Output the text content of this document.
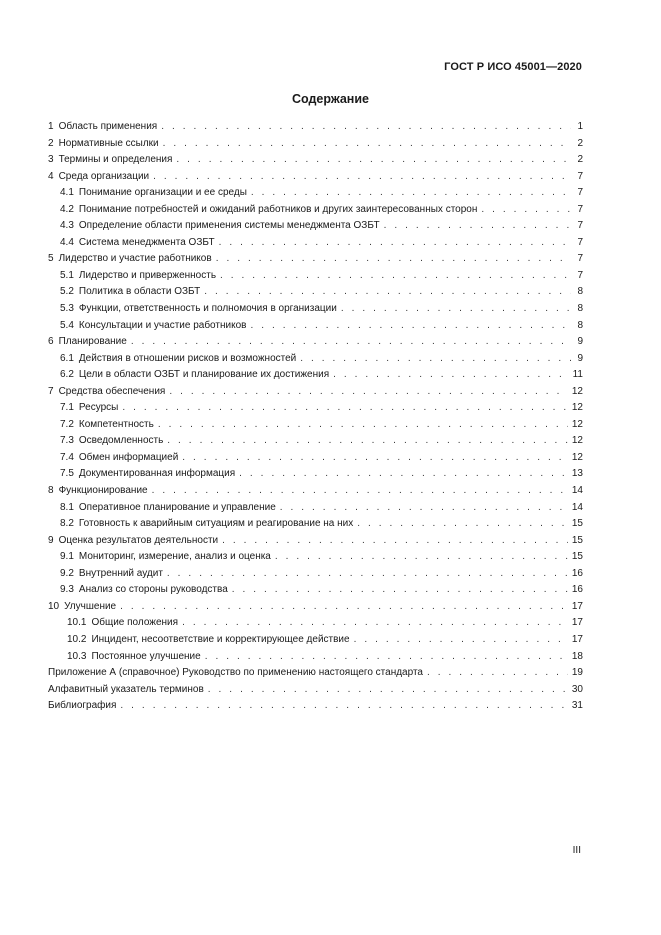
ГОСТ Р ИСО 45001—2020
Содержание
1 Область применения . . .	1
2 Нормативные ссылки . . .	2
3 Термины и определения . . .	2
4 Среда организации . . .	7
4.1 Понимание организации и ее среды . . .	7
4.2 Понимание потребностей и ожиданий работников и других заинтересованных сторон . . .	7
4.3 Определение области применения системы менеджмента ОЗБТ . . .	7
4.4 Система менеджмента ОЗБТ . . .	7
5 Лидерство и участие работников . . .	7
5.1 Лидерство и приверженность . . .	7
5.2 Политика в области ОЗБТ . . .	8
5.3 Функции, ответственность и полномочия в организации . . .	8
5.4 Консультации и участие работников . . .	8
6 Планирование . . .	9
6.1 Действия в отношении рисков и возможностей . . .	9
6.2 Цели в области ОЗБТ и планирование их достижения . . .	11
7 Средства обеспечения . . .	12
7.1 Ресурсы . . .	12
7.2 Компетентность . . .	12
7.3 Осведомленность . . .	12
7.4 Обмен информацией . . .	12
7.5 Документированная информация . . .	13
8 Функционирование . . .	14
8.1 Оперативное планирование и управление . . .	14
8.2 Готовность к аварийным ситуациям и реагирование на них . . .	15
9 Оценка результатов деятельности . . .	15
9.1 Мониторинг, измерение, анализ и оценка . . .	15
9.2 Внутренний аудит . . .	16
9.3 Анализ со стороны руководства . . .	16
10 Улучшение . . .	17
10.1 Общие положения . . .	17
10.2 Инцидент, несоответствие и корректирующее действие . . .	17
10.3 Постоянное улучшение . . .	18
Приложение А (справочное) Руководство по применению настоящего стандарта . . .	19
Алфавитный указатель терминов . . .	30
Библиография . . .	31
III
